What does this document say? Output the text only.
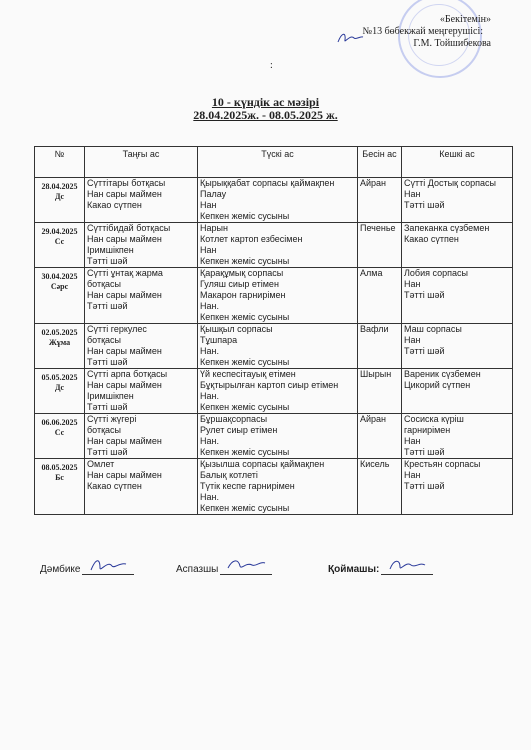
«Бекітемін»
№13 бөбекжай меңгерушісі:
Г.М. Тойшибекова
:
10 - күндік ас мәзірі
28.04.2025ж. - 08.05.2025 ж.
№	Таңғы ас	Түскі ас	Бесін ас	Кешкі ас

28.04.2025
Дс	Сүттітары ботқасы
Нан сары маймен
Какао сүтпен	Қырыққабат сорпасы қаймақпен
Палау
Нан
Кепкен жеміс сусыны	Айран	Сүтті Достық сорпасы
Нан
Тәтті шәй

29.04.2025
Сс	Сүттібидай ботқасы
Нан сары маймен
Іримшікпен
Тәтті шәй	Нарын
Котлет картоп езбесімен
Нан
Кепкен жеміс сусыны	Печенье	Запеканка сүзбемен
Какао сүтпен

30.04.2025
Сәрс	Сүтті ұнтақ жарма
ботқасы
Нан сары маймен
Тәтті шәй	Қарақұмық сорпасы
Гуляш сиыр етімен
Макарон гарнирімен
Нан.
Кепкен жеміс сусыны	Алма	Лобия сорпасы
Нан
Тәтті шәй

02.05.2025
Жұма	Сүтті геркулес
ботқасы
Нан сары маймен
Тәтті шәй	Қышқыл сорпасы
Тұшпара
Нан.
Кепкен жеміс сусыны	Вафли	Маш сорпасы
Нан
Тәтті шәй

05.05.2025
Дс	Сүтті арпа ботқасы
Нан сары маймен
Іримшікпен
Тәтті шәй	Үй кеспесітауық етімен
Бұқтырылған картоп сиыр етімен
Нан.
Кепкен жеміс сусыны	Шырын	Вареник сүзбемен
Цикорий сүтпен

06.06.2025
Сс	Сүтті жүгері
ботқасы
Нан сары маймен
Тәтті шәй	Бұршақсорпасы
Рулет сиыр етімен
Нан.
Кепкен жеміс сусыны	Айран	Сосиска күріш
гарнирімен
Нан
Тәтті шәй

08.05.2025
Бс	Омлет
Нан сары маймен
Какао сүтпен	Қызылша сорпасы қаймақпен
Балық котлеті
Түтік кеспе гарнирімен
Нан.
Кепкен жеміс сусыны	Кисель	Крестьян сорпасы
Нан
Тәтті шәй
Дәмбике	Аспазшы	Қоймашы:
